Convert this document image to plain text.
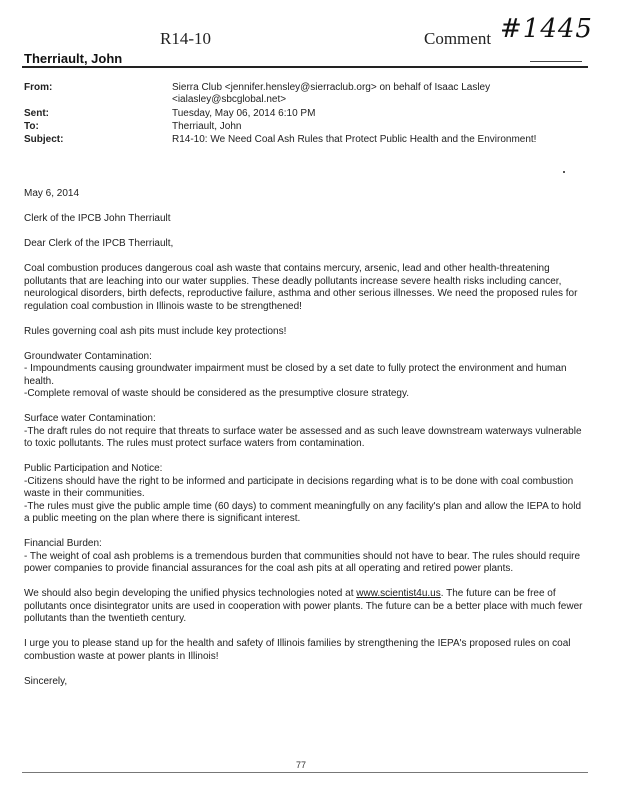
R14-10	Comment #1445
Therriault, John
From:	Sierra Club <jennifer.hensley@sierraclub.org> on behalf of Isaac Lasley <ialasley@sbcglobal.net>
Sent:	Tuesday, May 06, 2014 6:10 PM
To:	Therriault, John
Subject:	R14-10: We Need Coal Ash Rules that Protect Public Health and the Environment!

May 6, 2014

Clerk of the IPCB John Therriault

Dear Clerk of the IPCB Therriault,

Coal combustion produces dangerous coal ash waste that contains mercury, arsenic, lead and other health-threatening pollutants that are leaching into our water supplies. These deadly pollutants increase severe health risks including cancer, neurological disorders, birth defects, reproductive failure, asthma and other serious illnesses. We need the proposed rules for regulation coal combustion in Illinois waste to be strengthened!

Rules governing coal ash pits must include key protections!

Groundwater Contamination:
- Impoundments causing groundwater impairment must be closed by a set date to fully protect the environment and human health.
-Complete removal of waste should be considered as the presumptive closure strategy.
Surface water Contamination:
-The draft rules do not require that threats to surface water be assessed and as such leave downstream waterways vulnerable to toxic pollutants. The rules must protect surface waters from contamination.
Public Participation and Notice:
-Citizens should have the right to be informed and participate in decisions regarding what is to be done with coal combustion waste in their communities.
-The rules must give the public ample time (60 days) to comment meaningfully on any facility's plan and allow the IEPA to hold a public meeting on the plan where there is significant interest.
Financial Burden:
- The weight of coal ash problems is a tremendous burden that communities should not have to bear. The rules should require power companies to provide financial assurances for the coal ash pits at all operating and retired power plants.

We should also begin developing the unified physics technologies noted at www.scientist4u.us. The future can be free of pollutants once disintegrator units are used in cooperation with power plants. The future can be a better place with much fewer pollutants than the twentieth century.

I urge you to please stand up for the health and safety of Illinois families by strengthening the IEPA's proposed rules on coal combustion waste at power plants in Illinois!

Sincerely,

77
